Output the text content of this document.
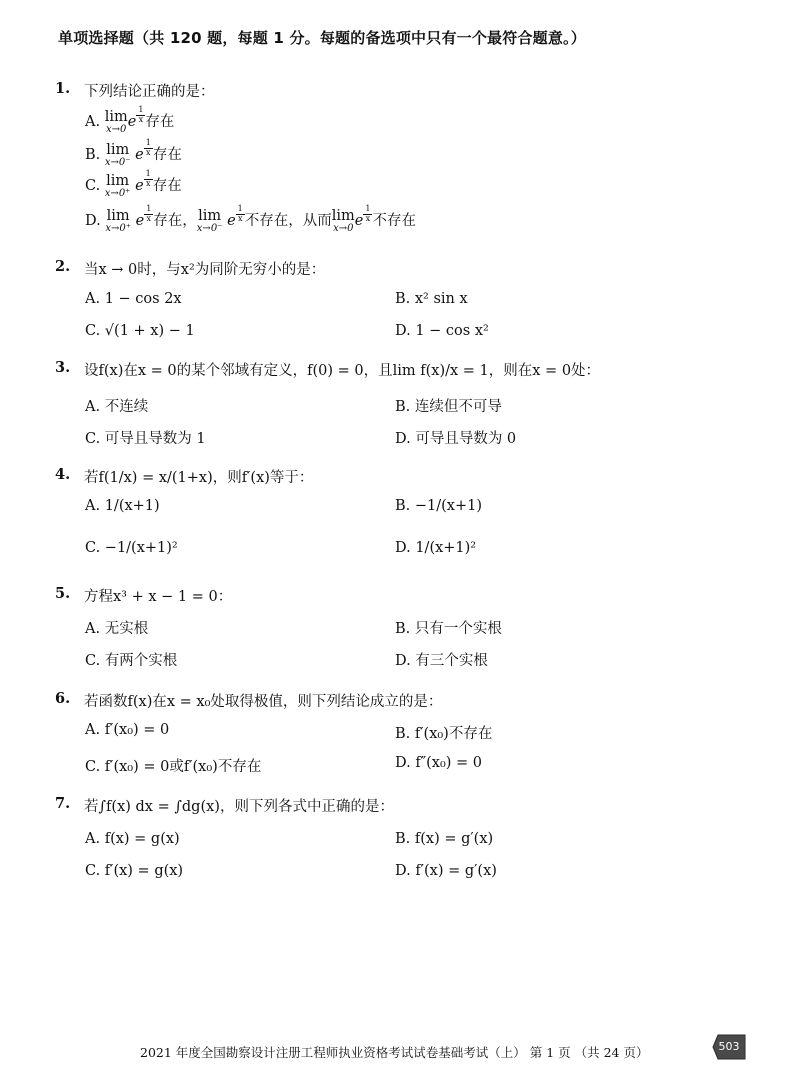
单项选择题（共 120 题，每题 1 分。每题的备选项中只有一个最符合题意。）
1. 下列结论正确的是：
A. lim
x→0 e $^{\frac{1}{x}}$ 存在
B. lim
x→0⁻ e $^{\frac{1}{x}}$ 存在
C. lim
x→0⁺ e $^{\frac{1}{x}}$ 存在
D. lim
x→0⁺ e $^{\frac{1}{x}}$ 存在，lim
x→0⁻ e $^{\frac{1}{x}}$ 不存在，从而lim
x→0 e $^{\frac{1}{x}}$ 不存在
2. 当x → 0时，与x²为同阶无穷小的是：
A. 1 − cos 2x	B. x² sin x
C. √(1 + x) − 1	D. 1 − cos x²
3. 设f(x)在x = 0的某个邻域有定义，f(0) = 0，且lim f(x)/x = 1，则在x = 0处：
A. 不连续	B. 连续但不可导
C. 可导且导数为 1	D. 可导且导数为 0
4. 若f(1/x) = x/(1+x)，则f′(x)等于：
A. 1/(x+1)	B. −1/(x+1)
C. −1/(x+1)²	D. 1/(x+1)²
5. 方程x³ + x − 1 = 0：
A. 无实根	B. 只有一个实根
C. 有两个实根	D. 有三个实根
6. 若函数f(x)在x = x₀处取得极值，则下列结论成立的是：
A. f′(x₀) = 0	B. f′(x₀)不存在
C. f′(x₀) = 0或f′(x₀)不存在	D. f″(x₀) = 0
7. 若∫f(x) dx = ∫dg(x)，则下列各式中正确的是：
A. f(x) = g(x)	B. f(x) = g′(x)
C. f′(x) = g(x)	D. f′(x) = g′(x)
2021 年度全国勘察设计注册工程师执业资格考试试卷基础考试（上） 第 1 页 （共 24 页）	503
